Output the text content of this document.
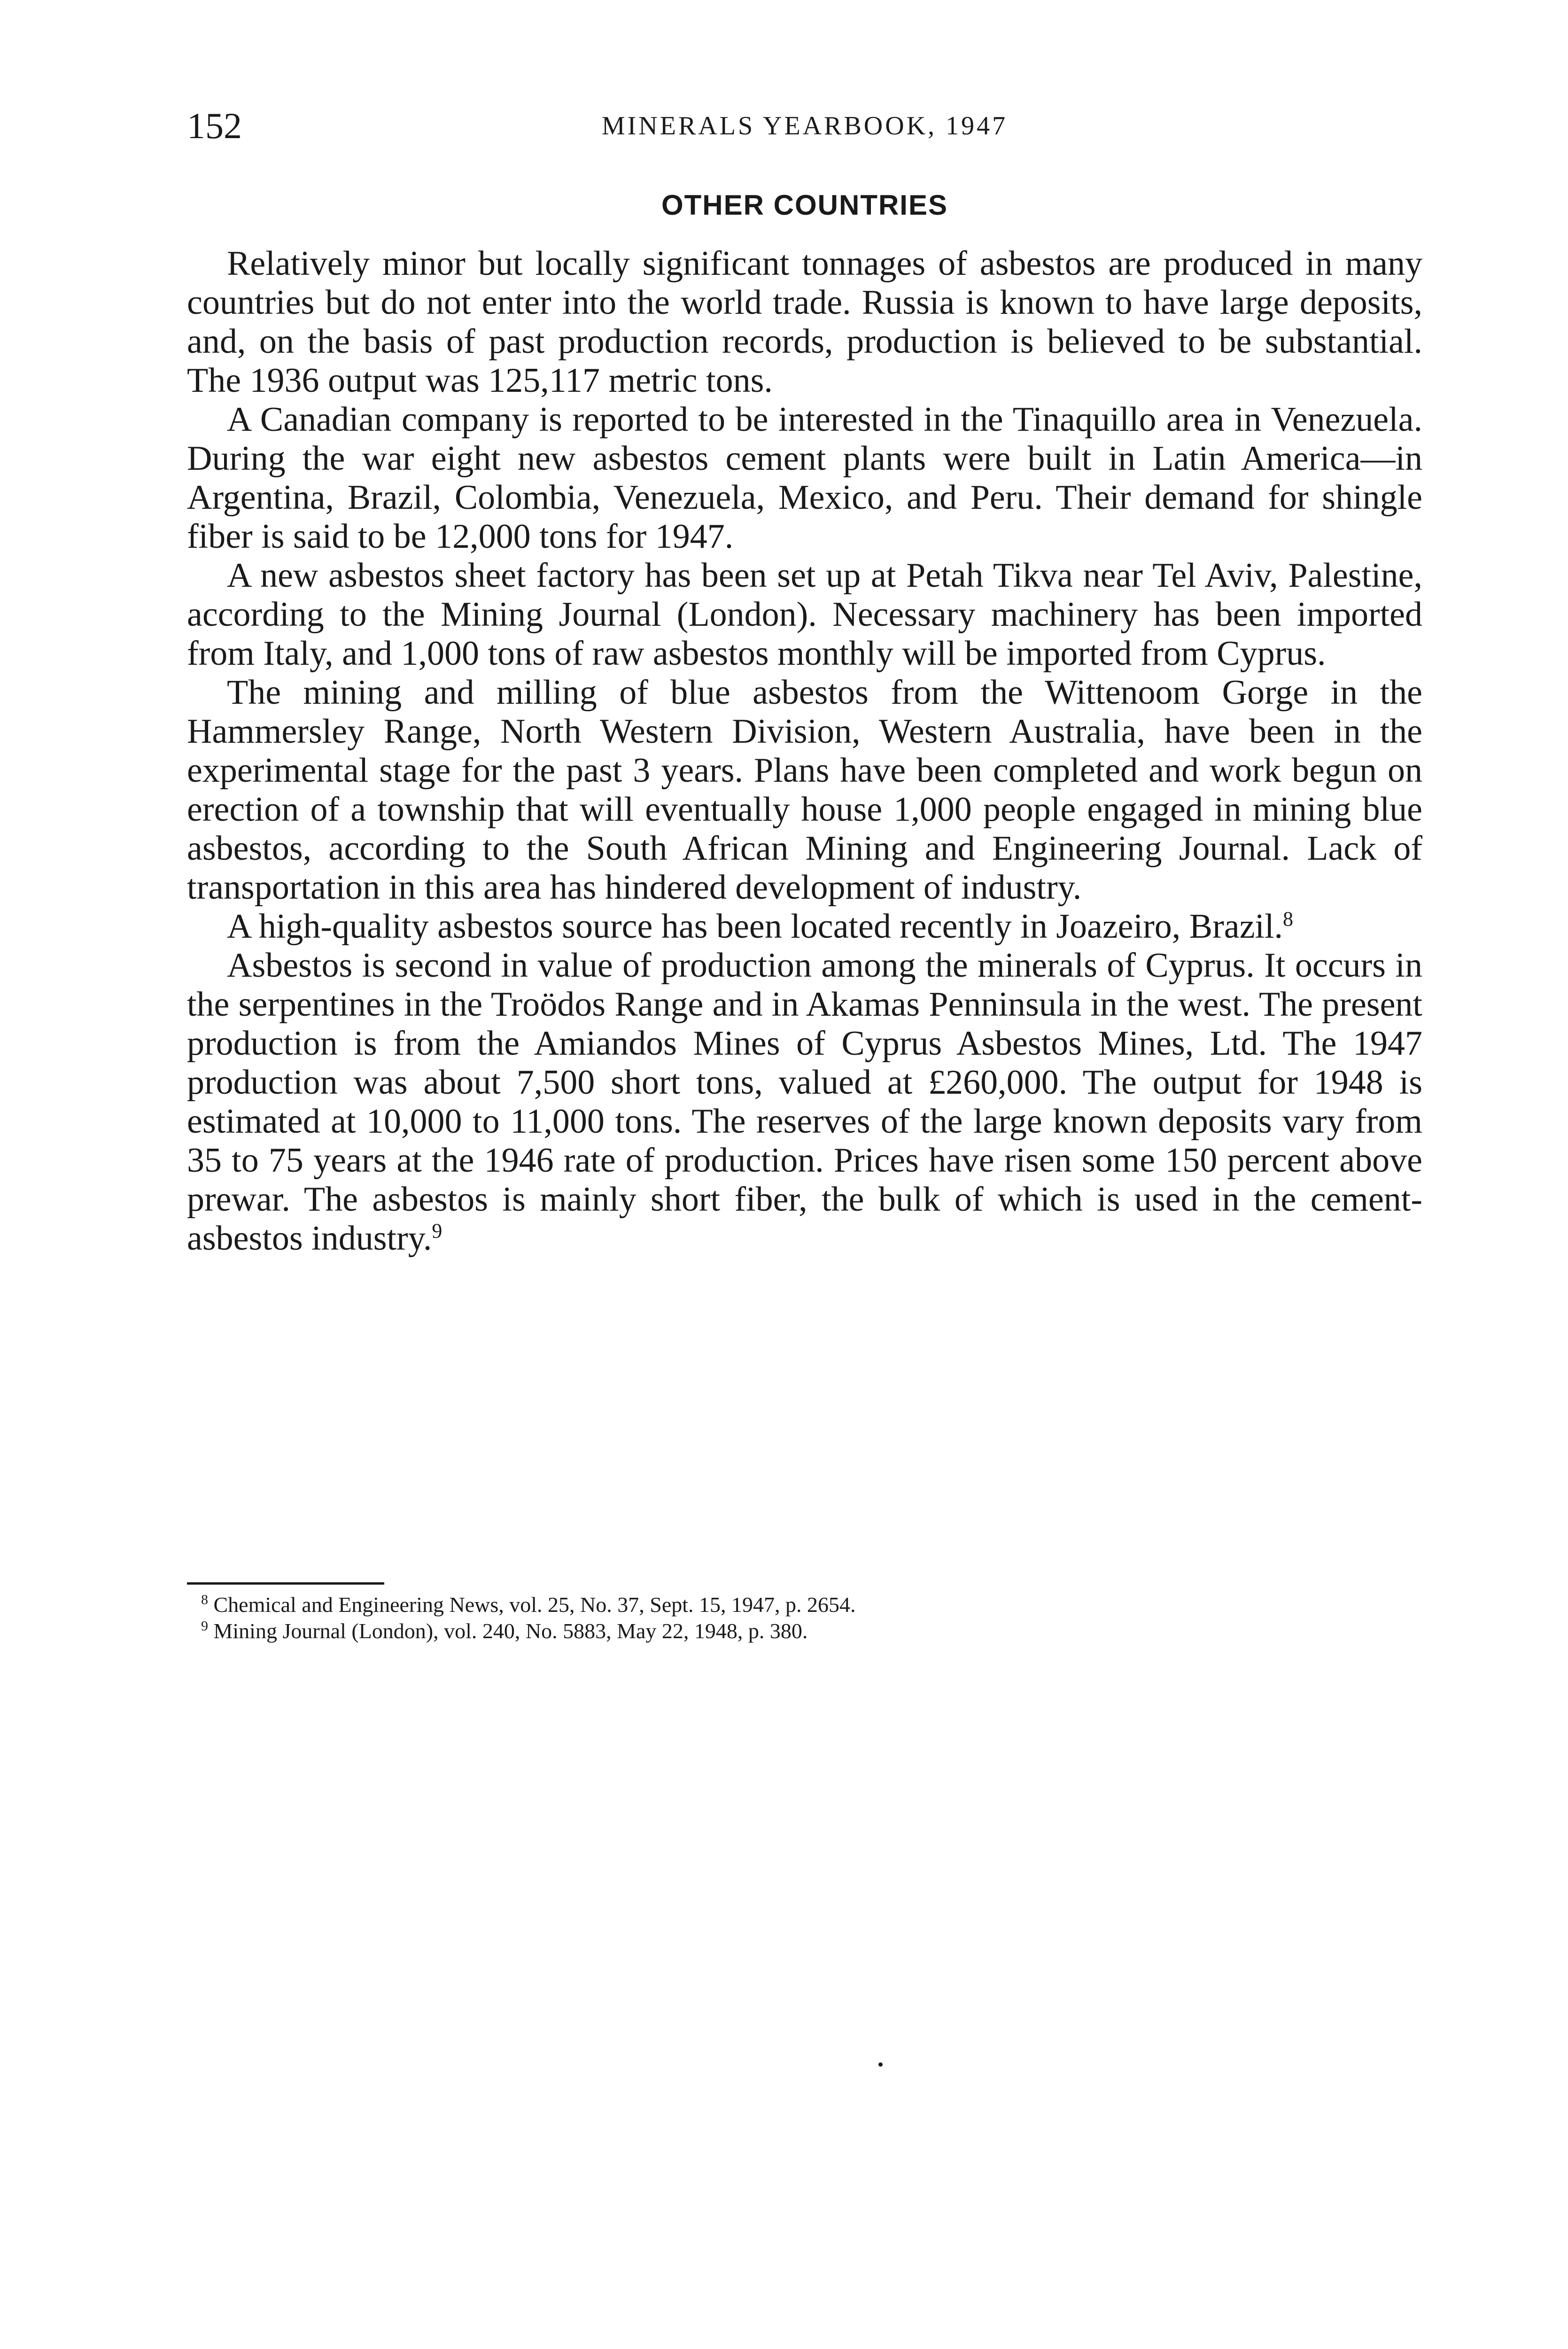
152	MINERALS YEARBOOK, 1947
OTHER COUNTRIES

Relatively minor but locally significant tonnages of asbestos are produced in many countries but do not enter into the world trade. Russia is known to have large deposits, and, on the basis of past production records, production is believed to be substantial. The 1936 output was 125,117 metric tons.

A Canadian company is reported to be interested in the Tinaquillo area in Venezuela. During the war eight new asbestos cement plants were built in Latin America—in Argentina, Brazil, Colombia, Venezuela, Mexico, and Peru. Their demand for shingle fiber is said to be 12,000 tons for 1947.

A new asbestos sheet factory has been set up at Petah Tikva near Tel Aviv, Palestine, according to the Mining Journal (London). Necessary machinery has been imported from Italy, and 1,000 tons of raw asbestos monthly will be imported from Cyprus.

The mining and milling of blue asbestos from the Wittenoom Gorge in the Hammersley Range, North Western Division, Western Australia, have been in the experimental stage for the past 3 years. Plans have been completed and work begun on erection of a township that will eventually house 1,000 people engaged in mining blue asbestos, according to the South African Mining and Engineering Journal. Lack of transportation in this area has hindered development of industry.

A high-quality asbestos source has been located recently in Joazeiro, Brazil.$^8$

Asbestos is second in value of production among the minerals of Cyprus. It occurs in the serpentines in the Troödos Range and in Akamas Penninsula in the west. The present production is from the Amiandos Mines of Cyprus Asbestos Mines, Ltd. The 1947 production was about 7,500 short tons, valued at £260,000. The output for 1948 is estimated at 10,000 to 11,000 tons. The reserves of the large known deposits vary from 35 to 75 years at the 1946 rate of production. Prices have risen some 150 percent above prewar. The asbestos is mainly short fiber, the bulk of which is used in the cement-asbestos industry.$^9$

$^8$ Chemical and Engineering News, vol. 25, No. 37, Sept. 15, 1947, p. 2654.
$^9$ Mining Journal (London), vol. 240, No. 5883, May 22, 1948, p. 380.
